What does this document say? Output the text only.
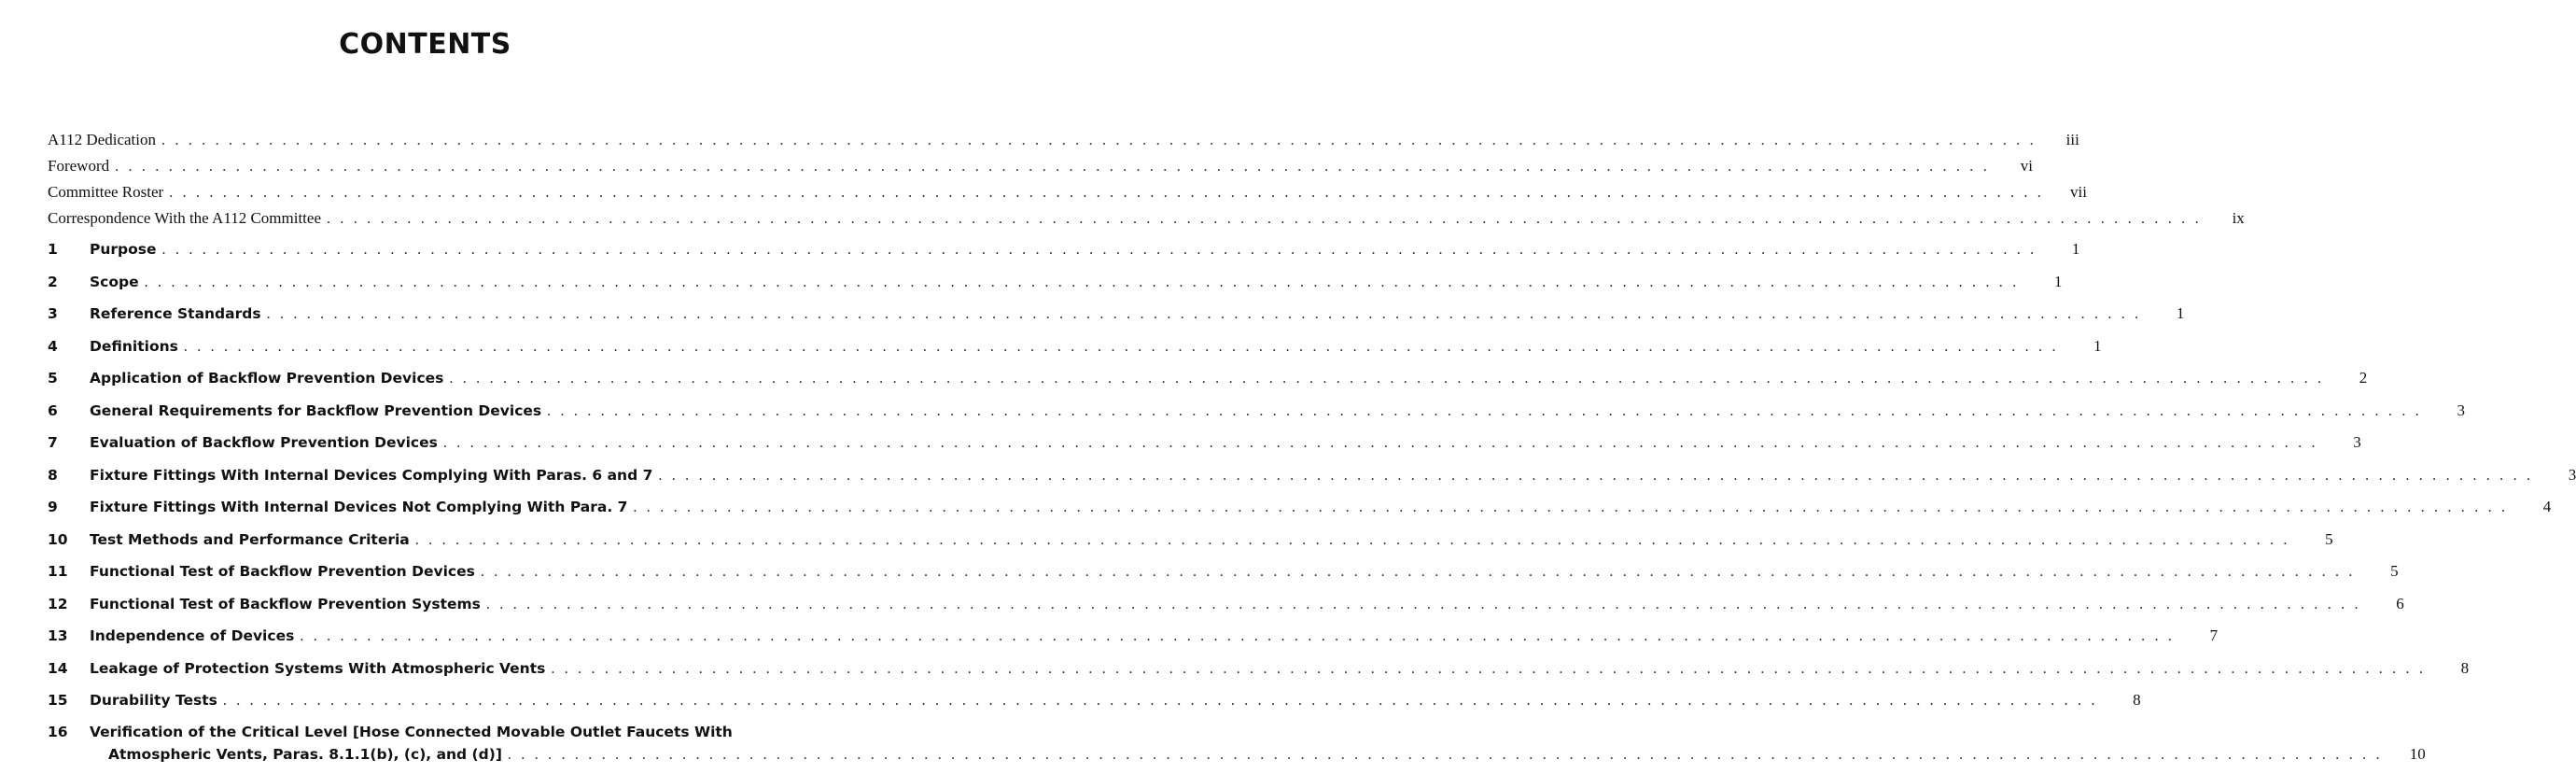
CONTENTS
A112 Dedication . . .	iii
Foreword . . .	vi
Committee Roster . . .	vii
Correspondence With the A112 Committee . . .	ix
1	Purpose . . .	1
2	Scope . . .	1
3	Reference Standards . . .	1
4	Definitions . . .	1
5	Application of Backflow Prevention Devices . . .	2
6	General Requirements for Backflow Prevention Devices . . .	3
7	Evaluation of Backflow Prevention Devices . . .	3
8	Fixture Fittings With Internal Devices Complying With Paras. 6 and 7 . . .	3
9	Fixture Fittings With Internal Devices Not Complying With Para. 7 . . .	4
10	Test Methods and Performance Criteria . . .	5
11	Functional Test of Backflow Prevention Devices . . .	5
12	Functional Test of Backflow Prevention Systems . . .	6
13	Independence of Devices . . .	7
14	Leakage of Protection Systems With Atmospheric Vents . . .	8
15	Durability Tests . . .	8
16	Verification of the Critical Level [Hose Connected Movable Outlet Faucets With
Atmospheric Vents, Paras. 8.1.1(b), (c), and (d)] . . .	10
